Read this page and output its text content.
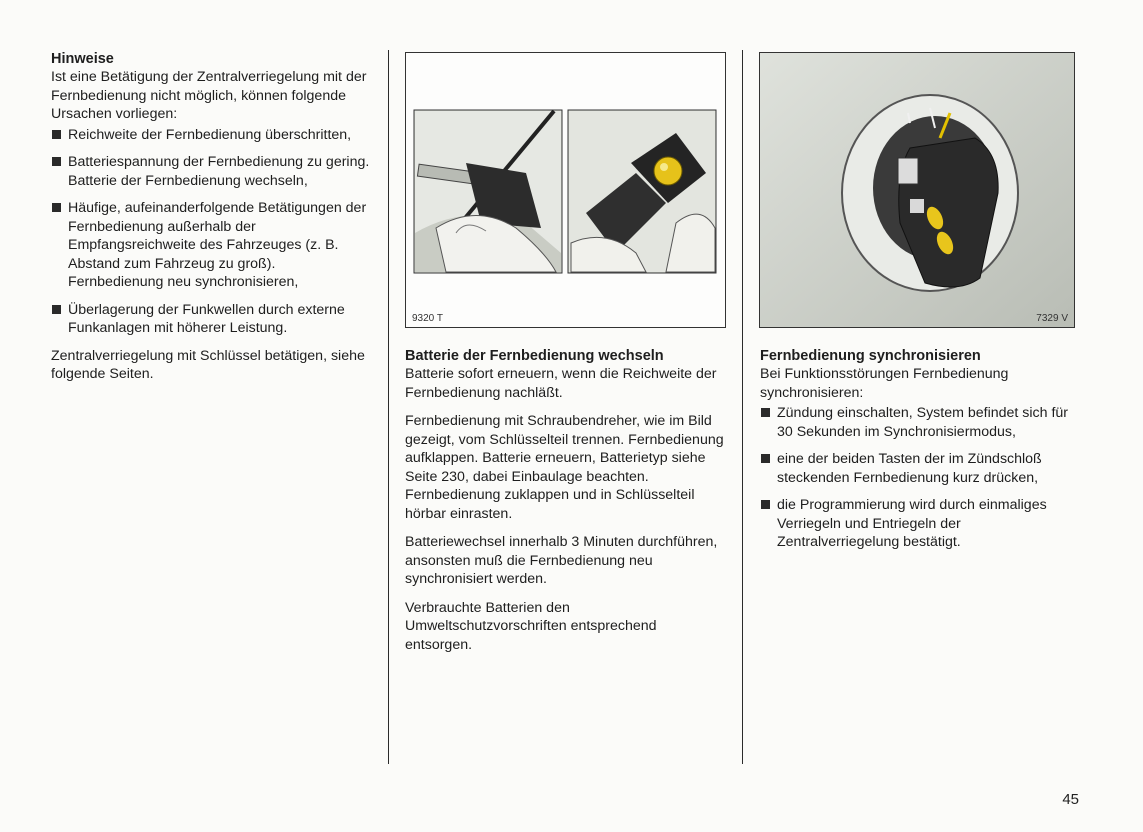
Hinweise

Ist eine Betätigung der Zentralverriegelung mit der Fernbedienung nicht möglich, können folgende Ursachen vorliegen:

Reichweite der Fernbedienung überschritten,
Batteriespannung der Fernbedienung zu gering. Batterie der Fernbedienung wechseln,
Häufige, aufeinanderfolgende Betätigungen der Fernbedienung außerhalb der Empfangsreichweite des Fahrzeuges (z. B. Abstand zum Fahrzeug zu groß). Fernbedienung neu synchronisieren,
Überlagerung der Funkwellen durch externe Funkanlagen mit höherer Leistung.

Zentralverriegelung mit Schlüssel betätigen, siehe folgende Seiten.

9320 T	7329 V
Batterie der Fernbedienung wechseln

Batterie sofort erneuern, wenn die Reichweite der Fernbedienung nachläßt.

Fernbedienung mit Schraubendreher, wie im Bild gezeigt, vom Schlüsselteil trennen. Fernbedienung aufklappen. Batterie erneuern, Batterietyp siehe Seite 230, dabei Einbaulage beachten. Fernbedienung zuklappen und in Schlüsselteil hörbar einrasten.

Batteriewechsel innerhalb 3 Minuten durchführen, ansonsten muß die Fernbedienung neu synchronisiert werden.

Verbrauchte Batterien den Umweltschutzvorschriften entsprechend entsorgen.

Fernbedienung synchronisieren

Bei Funktionsstörungen Fernbedienung synchronisieren:

Zündung einschalten, System befindet sich für 30 Sekunden im Synchronisiermodus,
eine der beiden Tasten der im Zündschloß steckenden Fernbedienung kurz drücken,
die Programmierung wird durch einmaliges Verriegeln und Entriegeln der Zentralverriegelung bestätigt.
45
